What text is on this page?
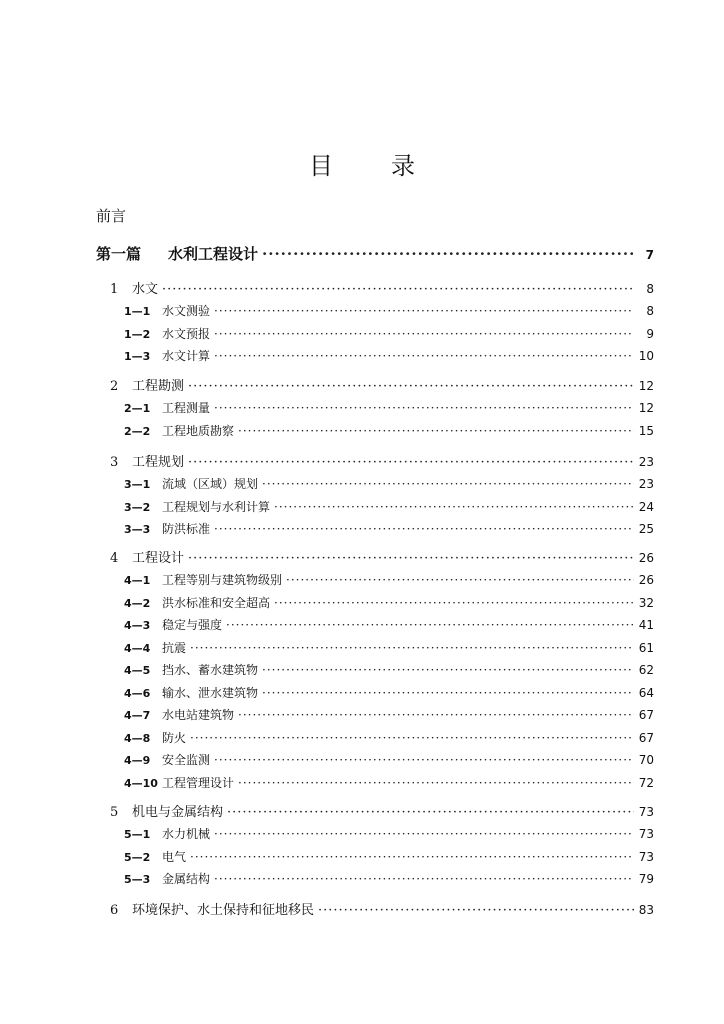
目 录
前言
第一篇	水利工程设计 ·····	7
1	水文 ·····	8
1—1 水文测验 ·····	8
1—2 水文预报 ·····	9
1—3 水文计算 ·····	10
2	工程勘测 ·····	12
2—1 工程测量 ·····	12
2—2 工程地质勘察 ·····	15
3	工程规划 ·····	23
3—1 流域（区域）规划 ·····	23
3—2 工程规划与水利计算 ·····	24
3—3 防洪标准 ·····	25
4	工程设计 ·····	26
4—1 工程等别与建筑物级别 ·····	26
4—2 洪水标准和安全超高 ·····	32
4—3 稳定与强度 ·····	41
4—4 抗震 ·····	61
4—5 挡水、蓄水建筑物 ·····	62
4—6 输水、泄水建筑物 ·····	64
4—7 水电站建筑物 ·····	67
4—8 防火 ·····	67
4—9 安全监测 ·····	70
4—10 工程管理设计 ·····	72
5	机电与金属结构 ·····	73
5—1 水力机械 ·····	73
5—2 电气 ·····	73
5—3 金属结构 ·····	79
6	环境保护、水土保持和征地移民 ·····	83
